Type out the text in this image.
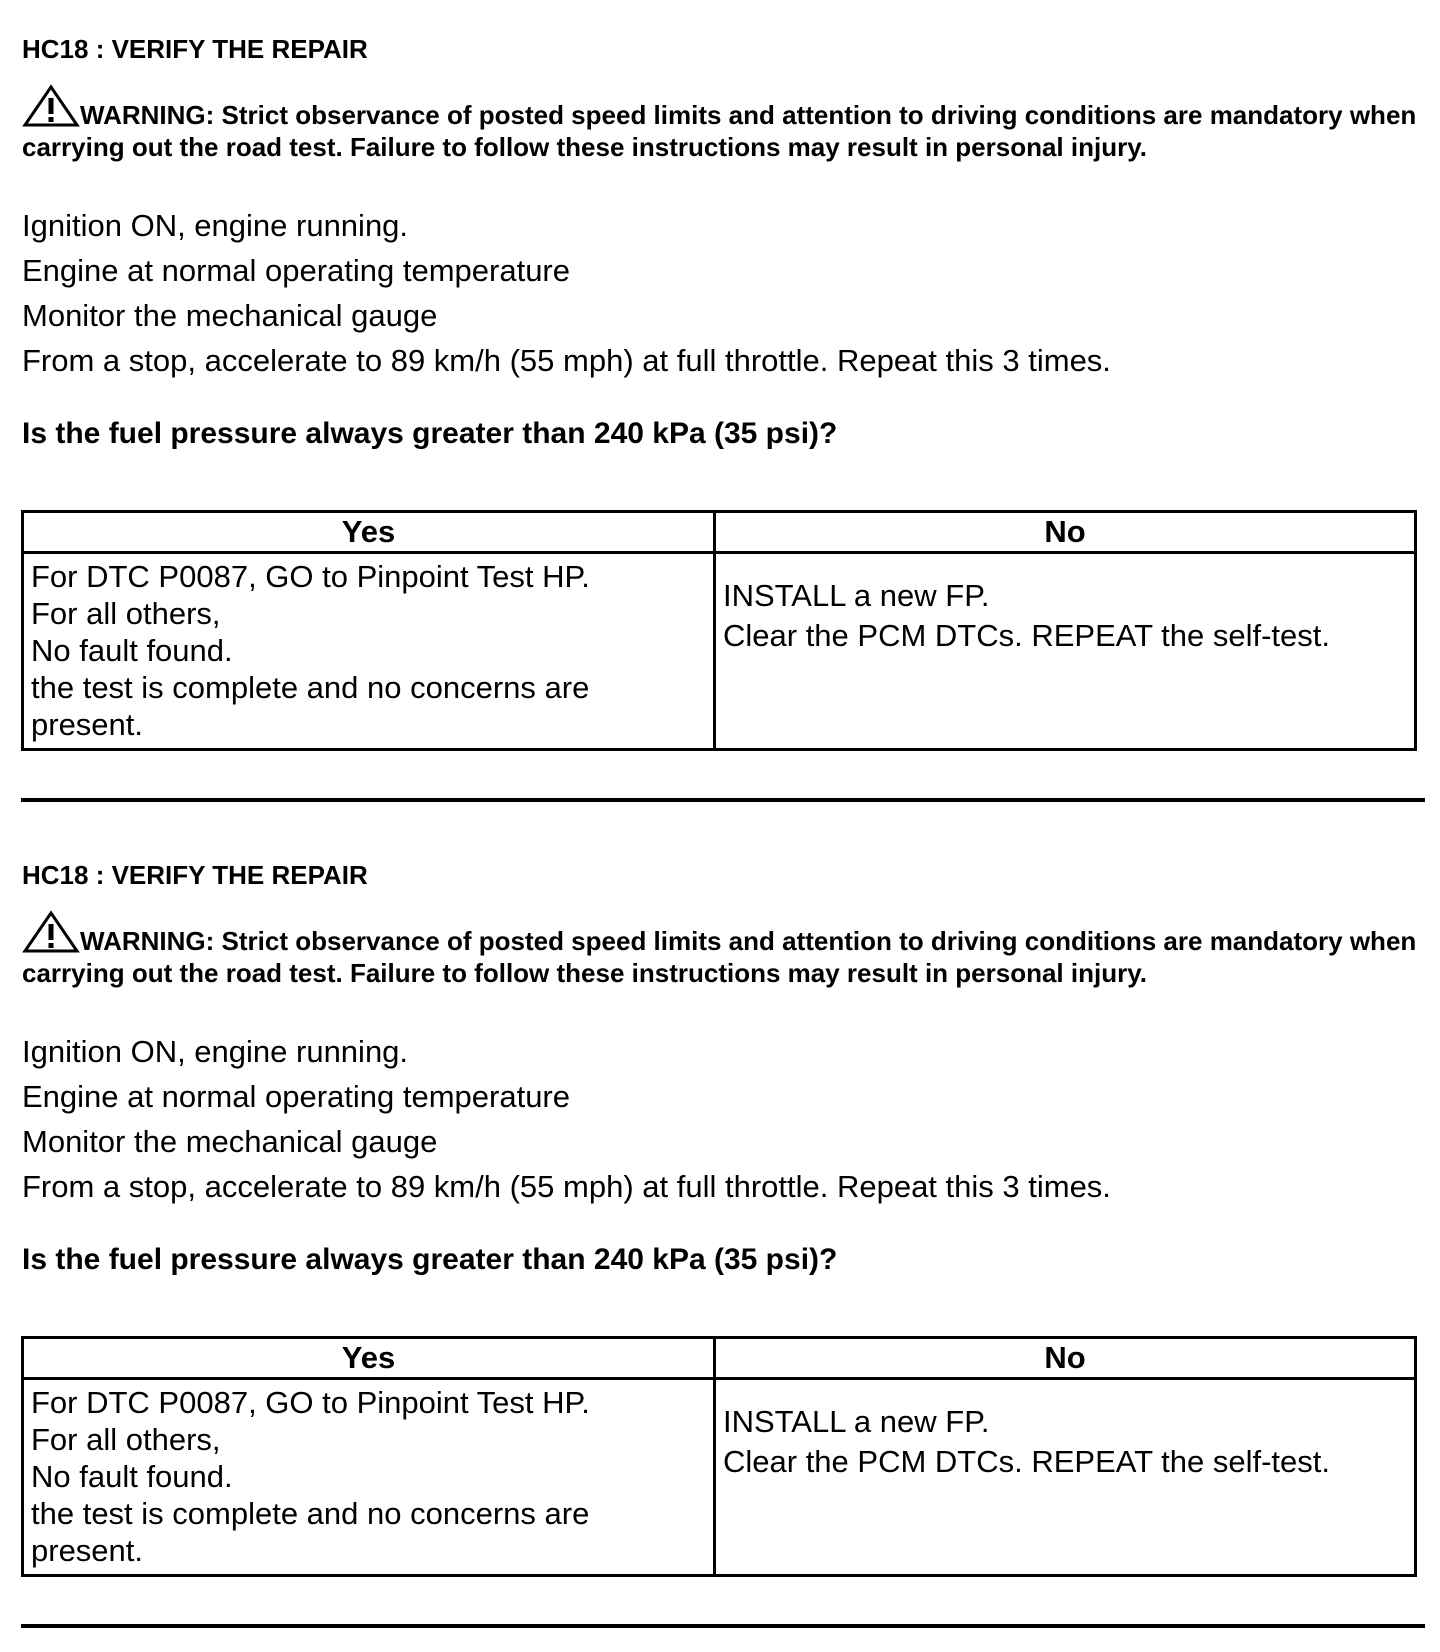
HC18 : VERIFY THE REPAIR
WARNING: Strict observance of posted speed limits and attention to driving conditions are mandatory when carrying out the road test. Failure to follow these instructions may result in personal injury.
Ignition ON, engine running.
Engine at normal operating temperature
Monitor the mechanical gauge
From a stop, accelerate to 89 km/h (55 mph) at full throttle. Repeat this 3 times.
Is the fuel pressure always greater than 240 kPa (35 psi)?
Yes	No

For DTC P0087, GO to Pinpoint Test HP.
For all others,
No fault found.
the test is complete and no concerns are
present.	INSTALL a new FP.
Clear the PCM DTCs. REPEAT the self-test.
HC18 : VERIFY THE REPAIR
WARNING: Strict observance of posted speed limits and attention to driving conditions are mandatory when carrying out the road test. Failure to follow these instructions may result in personal injury.
Ignition ON, engine running.
Engine at normal operating temperature
Monitor the mechanical gauge
From a stop, accelerate to 89 km/h (55 mph) at full throttle. Repeat this 3 times.
Is the fuel pressure always greater than 240 kPa (35 psi)?
Yes	No

For DTC P0087, GO to Pinpoint Test HP.
For all others,
No fault found.
the test is complete and no concerns are
present.	INSTALL a new FP.
Clear the PCM DTCs. REPEAT the self-test.
